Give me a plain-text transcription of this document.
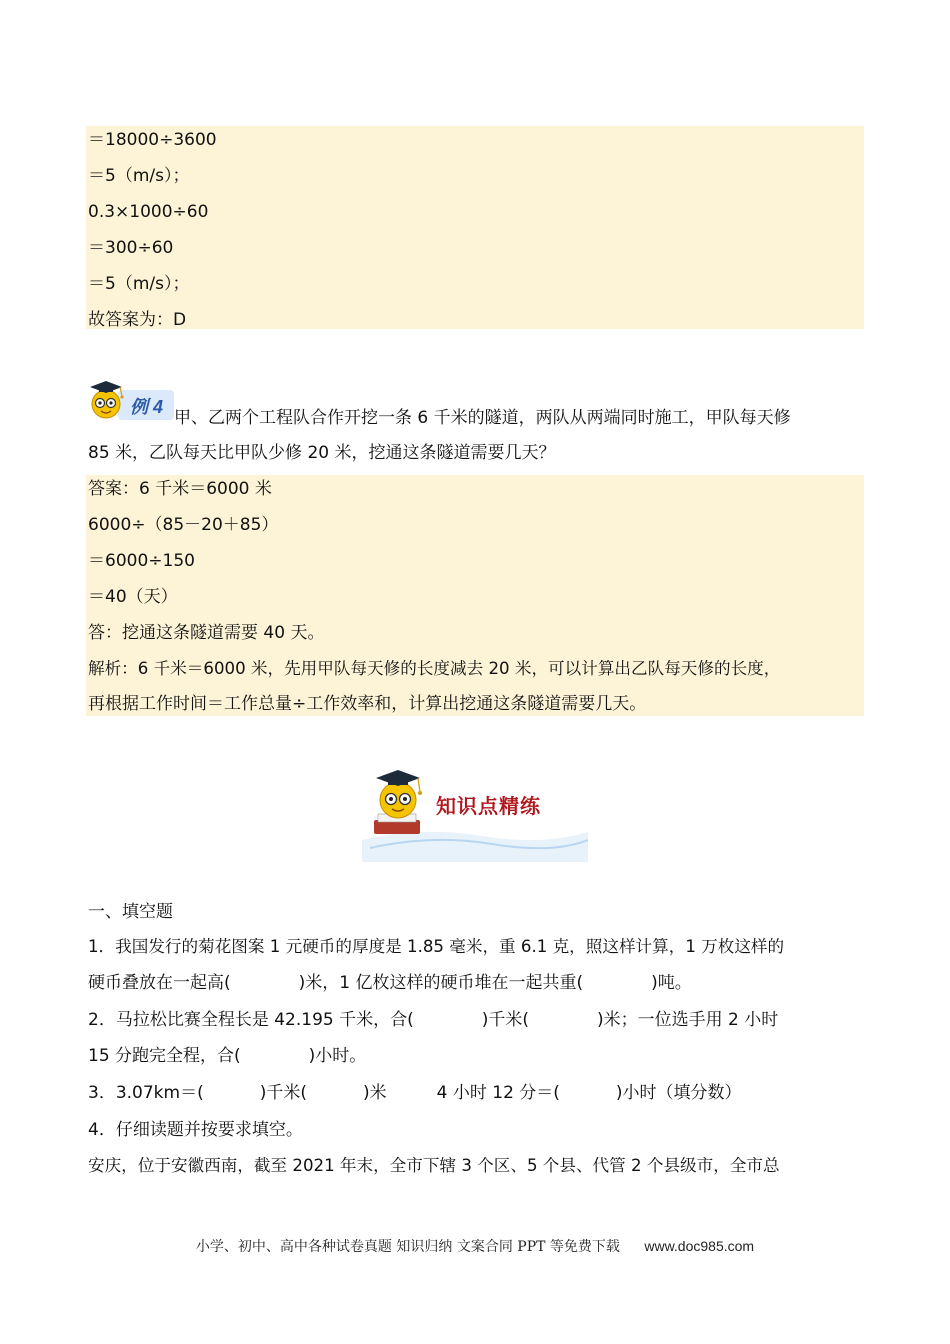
＝18000÷3600
＝5（m/s）；
0.3×1000÷60
＝300÷60
＝5（m/s）；
故答案为：D
例 4
甲、乙两个工程队合作开挖一条 6 千米的隧道，两队从两端同时施工，甲队每天修
85 米，乙队每天比甲队少修 20 米，挖通这条隧道需要几天？
答案：6 千米＝6000 米
6000÷（85－20＋85）
＝6000÷150
＝40（天）
答：挖通这条隧道需要 40 天。
解析：6 千米＝6000 米，先用甲队每天修的长度减去 20 米，可以计算出乙队每天修的长度，
再根据工作时间＝工作总量÷工作效率和，计算出挖通这条隧道需要几天。
知识点精练
一、填空题
1．我国发行的菊花图案 1 元硬币的厚度是 1.85 毫米，重 6.1 克，照这样计算，1 万枚这样的
硬币叠放在一起高(	)米，1 亿枚这样的硬币堆在一起共重(	)吨。
2．马拉松比赛全程长是 42.195 千米，合(	)千米(	)米；一位选手用 2 小时
15 分跑完全程，合(	)小时。
3．3.07km＝(	)千米(	)米	4 小时 12 分＝(	)小时（填分数）
4．仔细读题并按要求填空。
安庆，位于安徽西南，截至 2021 年末，全市下辖 3 个区、5 个县、代管 2 个县级市，全市总
小学、初中、高中各种试卷真题 知识归纳 文案合同 PPT 等免费下载 www.doc985.com
